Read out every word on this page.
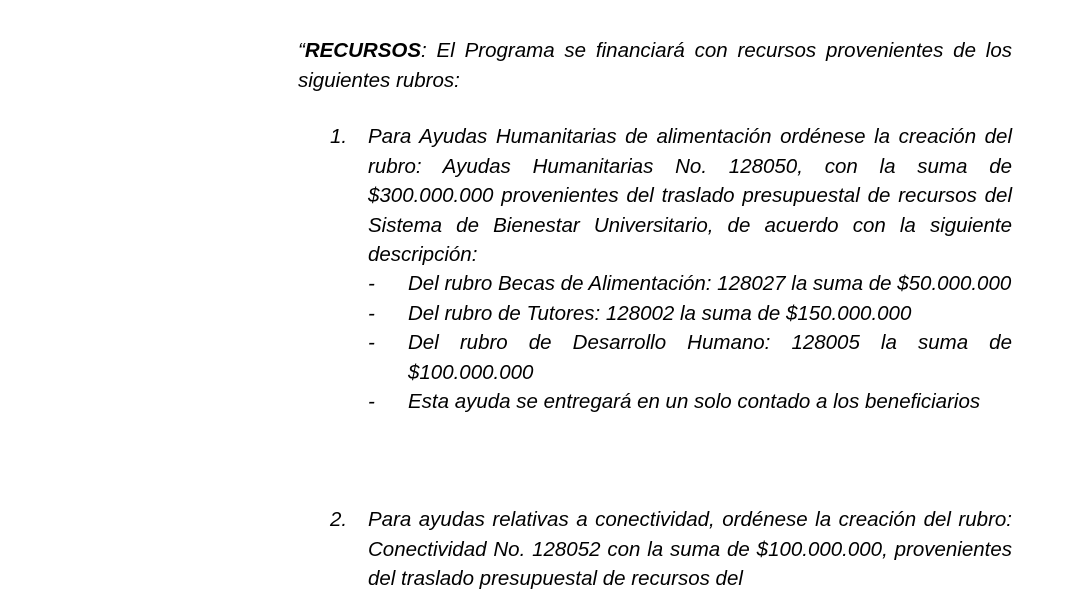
“RECURSOS: El Programa se financiará con recursos provenientes de los siguientes rubros:

1. Para Ayudas Humanitarias de alimentación ordénese la creación del rubro: Ayudas Humanitarias No. 128050, con la suma de $300.000.000 provenientes del traslado presupuestal de recursos del Sistema de Bienestar Universitario, de acuerdo con la siguiente descripción:

- Del rubro Becas de Alimentación: 128027 la suma de $50.000.000

- Del rubro de Tutores: 128002 la suma de $150.000.000

- Del rubro de Desarrollo Humano: 128005 la suma de $100.000.000

- Esta ayuda se entregará en un solo contado a los beneficiarios

2. Para ayudas relativas a conectividad, ordénese la creación del rubro: Conectividad No. 128052 con la suma de $100.000.000, provenientes del traslado presupuestal de recursos del
